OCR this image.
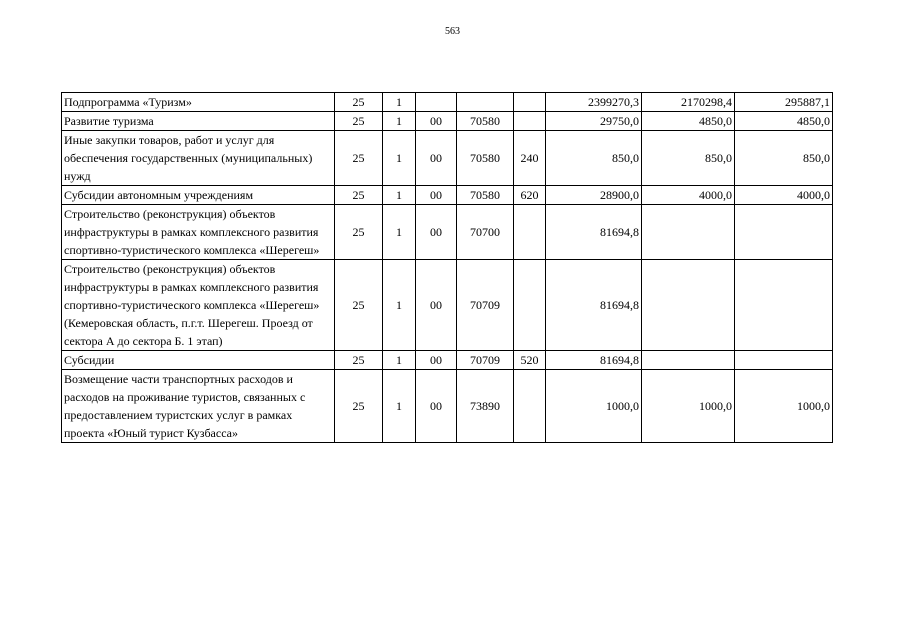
563
Подпрограмма «Туризм»	25	1				2399270,3	2170298,4	295887,1
Развитие туризма	25	1	00	70580		29750,0	4850,0	4850,0
Иные закупки товаров, работ и услуг для обеспечения государственных (муниципальных) нужд	25	1	00	70580	240	850,0	850,0	850,0
Субсидии автономным учреждениям	25	1	00	70580	620	28900,0	4000,0	4000,0
Строительство (реконструкция) объектов инфраструктуры в рамках комплексного развития спортивно-туристического комплекса «Шерегеш»	25	1	00	70700		81694,8		
Строительство (реконструкция) объектов инфраструктуры в рамках комплексного развития спортивно-туристического комплекса «Шерегеш» (Кемеровская область, п.г.т. Шерегеш. Проезд от сектора А до сектора Б. 1 этап)	25	1	00	70709		81694,8		
Субсидии	25	1	00	70709	520	81694,8		
Возмещение части транспортных расходов и расходов на проживание туристов, связанных с предоставлением туристских услуг в рамках проекта «Юный турист Кузбасса»	25	1	00	73890		1000,0	1000,0	1000,0
